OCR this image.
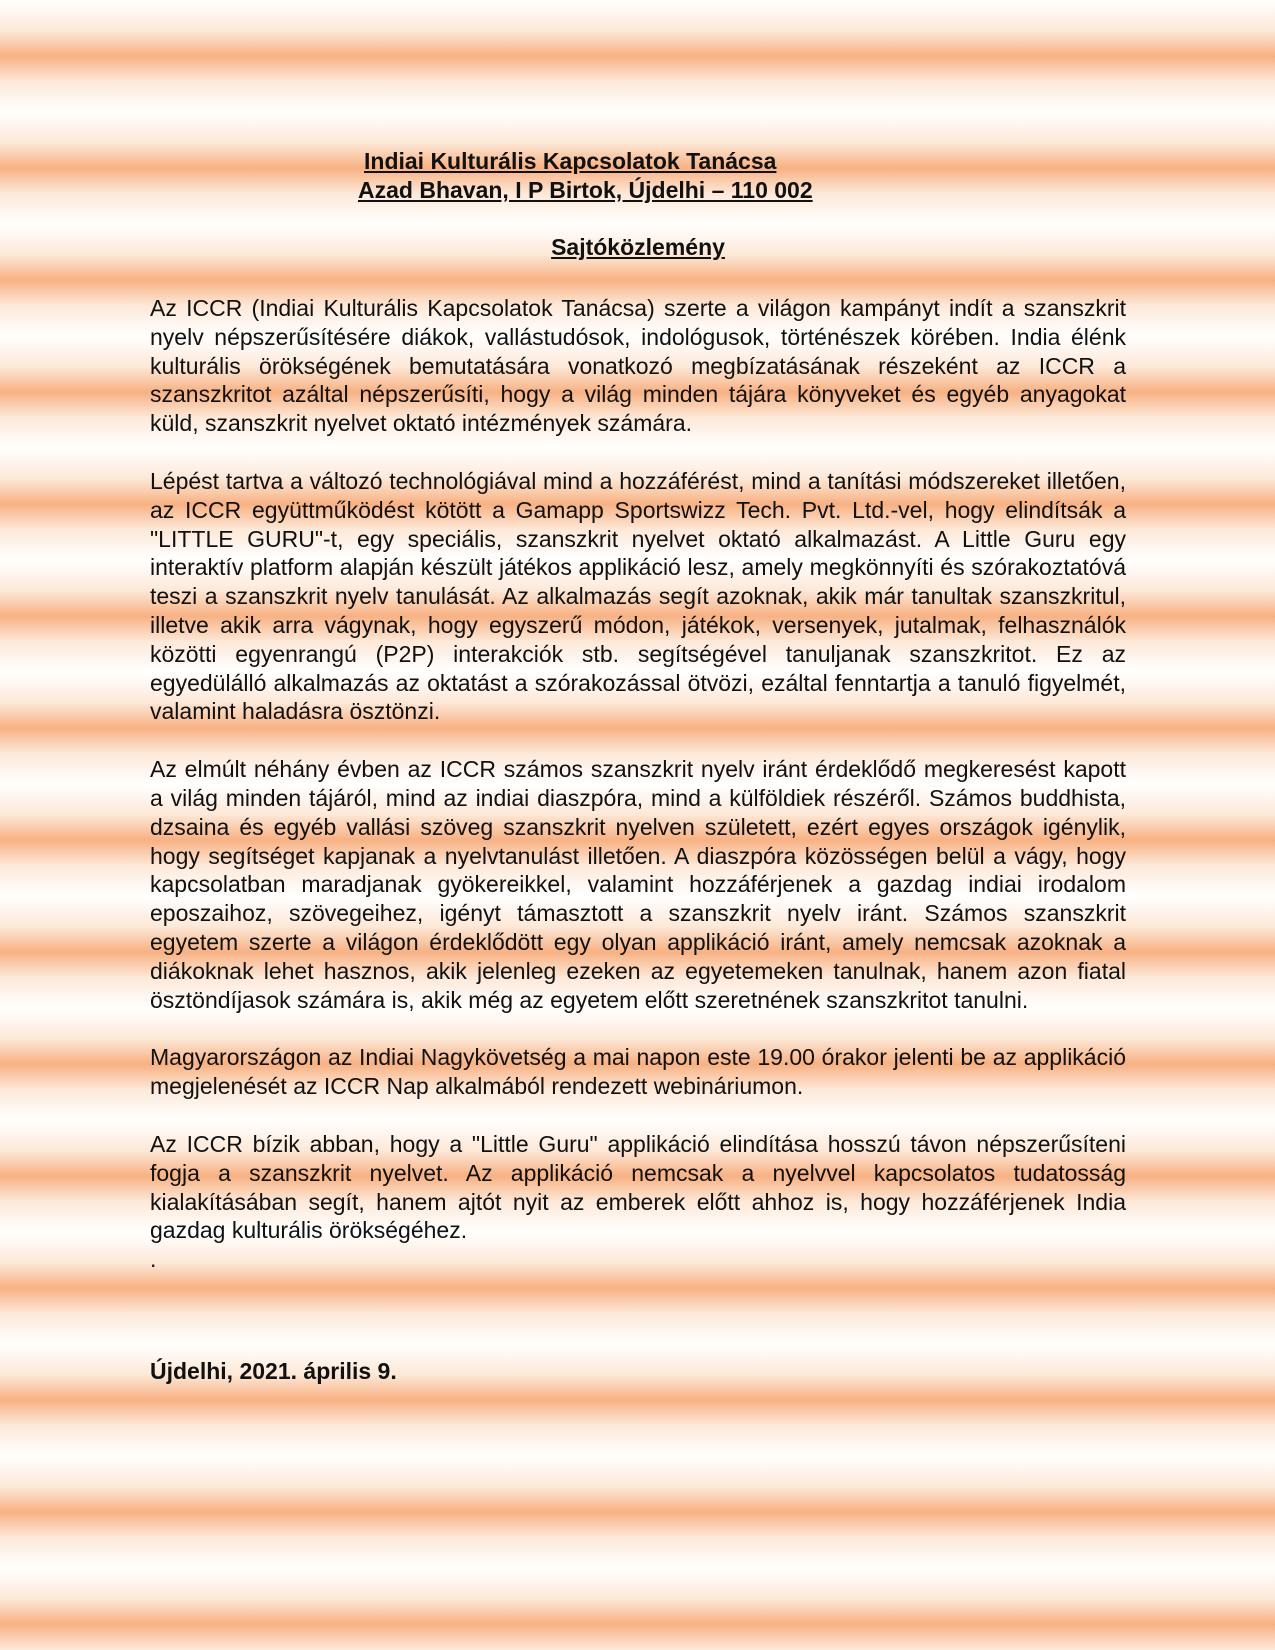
Indiai Kulturális Kapcsolatok Tanácsa
Azad Bhavan, I P Birtok, Újdelhi – 110 002
Sajtóközlemény

Az ICCR (Indiai Kulturális Kapcsolatok Tanácsa) szerte a világon kampányt indít a szanszkrit nyelv népszerűsítésére diákok, vallástudósok, indológusok, történészek körében. India élénk kulturális örökségének bemutatására vonatkozó megbízatásának részeként az ICCR a szanszkritot azáltal népszerűsíti, hogy a világ minden tájára könyveket és egyéb anyagokat küld, szanszkrit nyelvet oktató intézmények számára.

Lépést tartva a változó technológiával mind a hozzáférést, mind a tanítási módszereket illetően, az ICCR együttműködést kötött a Gamapp Sportswizz Tech. Pvt. Ltd.-vel, hogy elindítsák a "LITTLE GURU"-t, egy speciális, szanszkrit nyelvet oktató alkalmazást. A Little Guru egy interaktív platform alapján készült játékos applikáció lesz, amely megkönnyíti és szórakoztatóvá teszi a szanszkrit nyelv tanulását. Az alkalmazás segít azoknak, akik már tanultak szanszkritul, illetve akik arra vágynak, hogy egyszerű módon, játékok, versenyek, jutalmak, felhasználók közötti egyenrangú (P2P) interakciók stb. segítségével tanuljanak szanszkritot. Ez az egyedülálló alkalmazás az oktatást a szórakozással ötvözi, ezáltal fenntartja a tanuló figyelmét, valamint haladásra ösztönzi.

Az elmúlt néhány évben az ICCR számos szanszkrit nyelv iránt érdeklődő megkeresést kapott a világ minden tájáról, mind az indiai diaszpóra, mind a külföldiek részéről. Számos buddhista, dzsaina és egyéb vallási szöveg szanszkrit nyelven született, ezért egyes országok igénylik, hogy segítséget kapjanak a nyelvtanulást illetően. A diaszpóra közösségen belül a vágy, hogy kapcsolatban maradjanak gyökereikkel, valamint hozzáférjenek a gazdag indiai irodalom eposzaihoz, szövegeihez, igényt támasztott a szanszkrit nyelv iránt. Számos szanszkrit egyetem szerte a világon érdeklődött egy olyan applikáció iránt, amely nemcsak azoknak a diákoknak lehet hasznos, akik jelenleg ezeken az egyetemeken tanulnak, hanem azon fiatal ösztöndíjasok számára is, akik még az egyetem előtt szeretnének szanszkritot tanulni.

Magyarországon az Indiai Nagykövetség a mai napon este 19.00 órakor jelenti be az applikáció megjelenését az ICCR Nap alkalmából rendezett webináriumon.

Az ICCR bízik abban, hogy a "Little Guru" applikáció elindítása hosszú távon népszerűsíteni fogja a szanszkrit nyelvet. Az applikáció nemcsak a nyelvvel kapcsolatos tudatosság kialakításában segít, hanem ajtót nyit az emberek előtt ahhoz is, hogy hozzáférjenek India gazdag kulturális örökségéhez.

.
Újdelhi, 2021. április 9.
